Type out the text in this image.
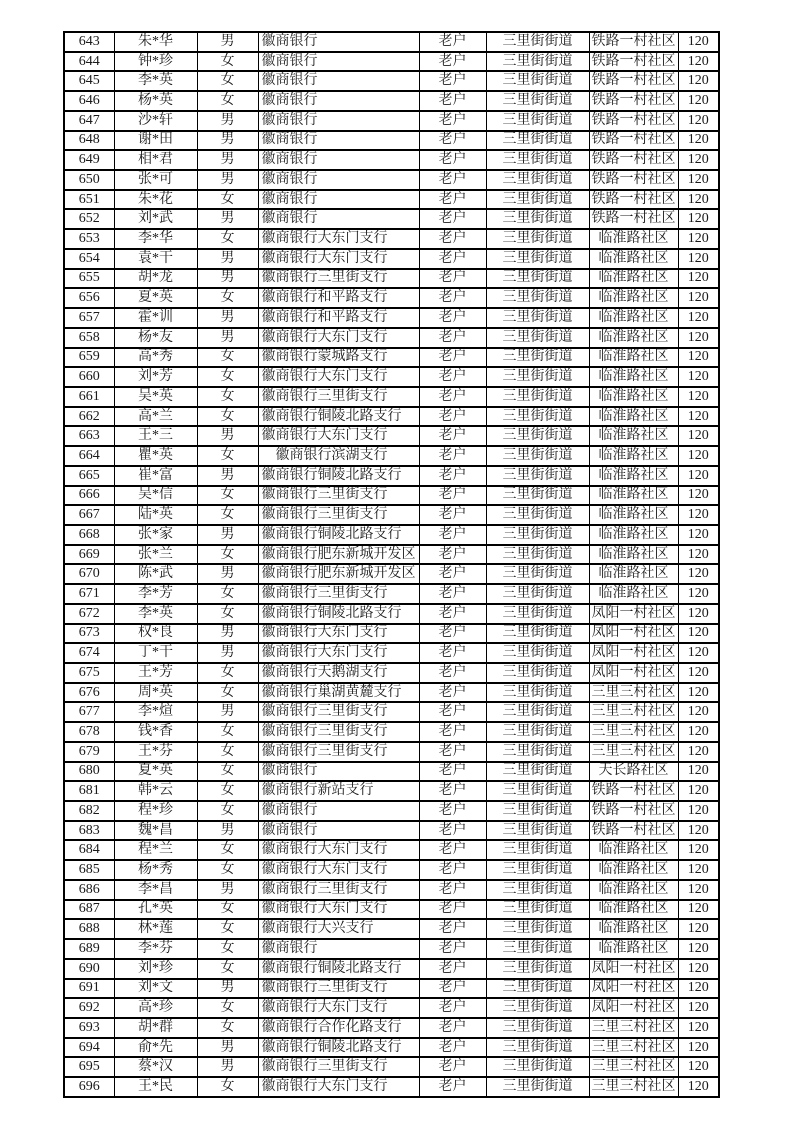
643	朱*华	男	徽商银行	老户	三里街街道	铁路一村社区	120
644	钟*珍	女	徽商银行	老户	三里街街道	铁路一村社区	120
645	李*英	女	徽商银行	老户	三里街街道	铁路一村社区	120
646	杨*英	女	徽商银行	老户	三里街街道	铁路一村社区	120
647	沙*轩	男	徽商银行	老户	三里街街道	铁路一村社区	120
648	谢*田	男	徽商银行	老户	三里街街道	铁路一村社区	120
649	相*君	男	徽商银行	老户	三里街街道	铁路一村社区	120
650	张*可	男	徽商银行	老户	三里街街道	铁路一村社区	120
651	朱*花	女	徽商银行	老户	三里街街道	铁路一村社区	120
652	刘*武	男	徽商银行	老户	三里街街道	铁路一村社区	120
653	李*华	女	徽商银行大东门支行	老户	三里街街道	临淮路社区	120
654	袁*干	男	徽商银行大东门支行	老户	三里街街道	临淮路社区	120
655	胡*龙	男	徽商银行三里街支行	老户	三里街街道	临淮路社区	120
656	夏*英	女	徽商银行和平路支行	老户	三里街街道	临淮路社区	120
657	霍*训	男	徽商银行和平路支行	老户	三里街街道	临淮路社区	120
658	杨*友	男	徽商银行大东门支行	老户	三里街街道	临淮路社区	120
659	高*秀	女	徽商银行蒙城路支行	老户	三里街街道	临淮路社区	120
660	刘*芳	女	徽商银行大东门支行	老户	三里街街道	临淮路社区	120
661	吴*英	女	徽商银行三里街支行	老户	三里街街道	临淮路社区	120
662	高*兰	女	徽商银行铜陵北路支行	老户	三里街街道	临淮路社区	120
663	王*三	男	徽商银行大东门支行	老户	三里街街道	临淮路社区	120
664	瞿*英	女	　徽商银行滨湖支行	老户	三里街街道	临淮路社区	120
665	崔*富	男	徽商银行铜陵北路支行	老户	三里街街道	临淮路社区	120
666	吴*信	女	徽商银行三里街支行	老户	三里街街道	临淮路社区	120
667	陆*英	女	徽商银行三里街支行	老户	三里街街道	临淮路社区	120
668	张*家	男	徽商银行铜陵北路支行	老户	三里街街道	临淮路社区	120
669	张*兰	女	徽商银行肥东新城开发区	老户	三里街街道	临淮路社区	120
670	陈*武	男	徽商银行肥东新城开发区	老户	三里街街道	临淮路社区	120
671	李*芳	女	徽商银行三里街支行	老户	三里街街道	临淮路社区	120
672	李*英	女	徽商银行铜陵北路支行	老户	三里街街道	凤阳一村社区	120
673	权*良	男	徽商银行大东门支行	老户	三里街街道	凤阳一村社区	120
674	丁*干	男	徽商银行大东门支行	老户	三里街街道	凤阳一村社区	120
675	王*芳	女	徽商银行天鹅湖支行	老户	三里街街道	凤阳一村社区	120
676	周*英	女	徽商银行巢湖黄麓支行	老户	三里街街道	三里三村社区	120
677	李*煊	男	徽商银行三里街支行	老户	三里街街道	三里三村社区	120
678	钱*香	女	徽商银行三里街支行	老户	三里街街道	三里三村社区	120
679	王*芬	女	徽商银行三里街支行	老户	三里街街道	三里三村社区	120
680	夏*英	女	徽商银行	老户	三里街街道	天长路社区	120
681	韩*云	女	徽商银行新站支行	老户	三里街街道	铁路一村社区	120
682	程*珍	女	徽商银行	老户	三里街街道	铁路一村社区	120
683	魏*昌	男	徽商银行	老户	三里街街道	铁路一村社区	120
684	程*兰	女	徽商银行大东门支行	老户	三里街街道	临淮路社区	120
685	杨*秀	女	徽商银行大东门支行	老户	三里街街道	临淮路社区	120
686	李*昌	男	徽商银行三里街支行	老户	三里街街道	临淮路社区	120
687	孔*英	女	徽商银行大东门支行	老户	三里街街道	临淮路社区	120
688	林*莲	女	徽商银行大兴支行	老户	三里街街道	临淮路社区	120
689	李*芬	女	徽商银行	老户	三里街街道	临淮路社区	120
690	刘*珍	女	徽商银行铜陵北路支行	老户	三里街街道	凤阳一村社区	120
691	刘*文	男	徽商银行三里街支行	老户	三里街街道	凤阳一村社区	120
692	高*珍	女	徽商银行大东门支行	老户	三里街街道	凤阳一村社区	120
693	胡*群	女	徽商银行合作化路支行	老户	三里街街道	三里三村社区	120
694	俞*先	男	徽商银行铜陵北路支行	老户	三里街街道	三里三村社区	120
695	蔡*汉	男	徽商银行三里街支行	老户	三里街街道	三里三村社区	120
696	王*民	女	徽商银行大东门支行	老户	三里街街道	三里三村社区	120
